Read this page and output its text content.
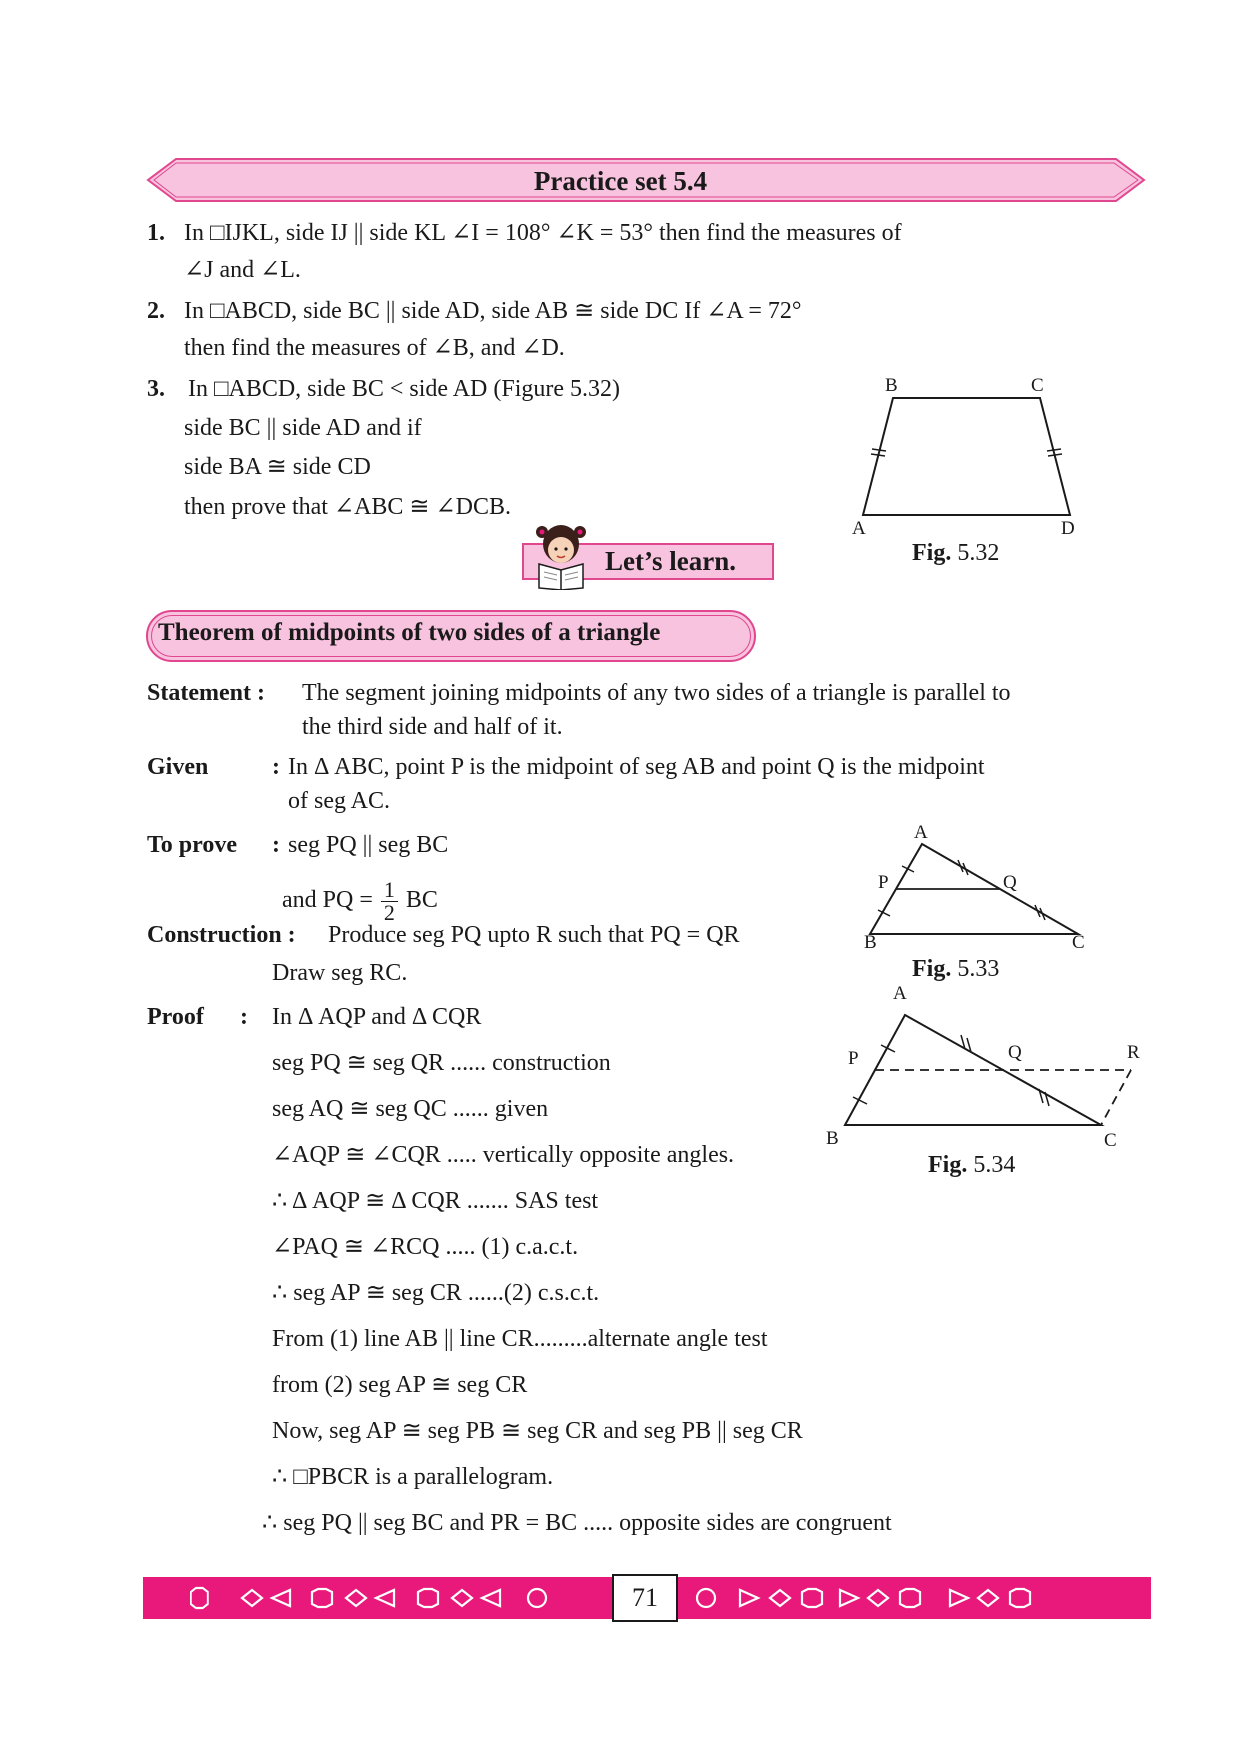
Practice set 5.4
1. In □IJKL, side IJ || side KL ∠I = 108° ∠K = 53° then find the measures of
∠J and ∠L.
2. In □ABCD, side BC || side AD, side AB ≅ side DC If ∠A = 72°
then find the measures of ∠B, and ∠D.
3. In □ABCD, side BC < side AD (Figure 5.32)
side BC || side AD and if
side BA ≅ side CD
then prove that ∠ABC ≅ ∠DCB.
B	C
A	D
Fig. 5.32
Let’s learn.
Theorem of midpoints of two sides of a triangle
Statement : The segment joining midpoints of any two sides of a triangle is parallel to
the third side and half of it.
Given	: In Δ ABC, point P is the midpoint of seg AB and point Q is the midpoint
of seg AC.
To prove : seg PQ || seg BC
and PQ = $\frac{1}{2}$ BC
Construction : Produce seg PQ upto R such that PQ = QR
Draw seg RC.
A
P	Q
B	C
Fig. 5.33
A
P	Q	R
B	C
Fig. 5.34
Proof : In Δ AQP and Δ CQR
seg PQ ≅ seg QR ...... construction
seg AQ ≅ seg QC ...... given
∠AQP ≅ ∠CQR ..... vertically opposite angles.
∴ Δ AQP ≅ Δ CQR ....... SAS test
∠PAQ ≅ ∠RCQ ..... (1) c.a.c.t.
∴ seg AP ≅ seg CR ......(2) c.s.c.t.
From (1) line AB || line CR.........alternate angle test
from (2) seg AP ≅ seg CR
Now, seg AP ≅ seg PB ≅ seg CR and seg PB || seg CR
∴ □PBCR is a parallelogram.
∴ seg PQ || seg BC and PR = BC ..... opposite sides are congruent
71
